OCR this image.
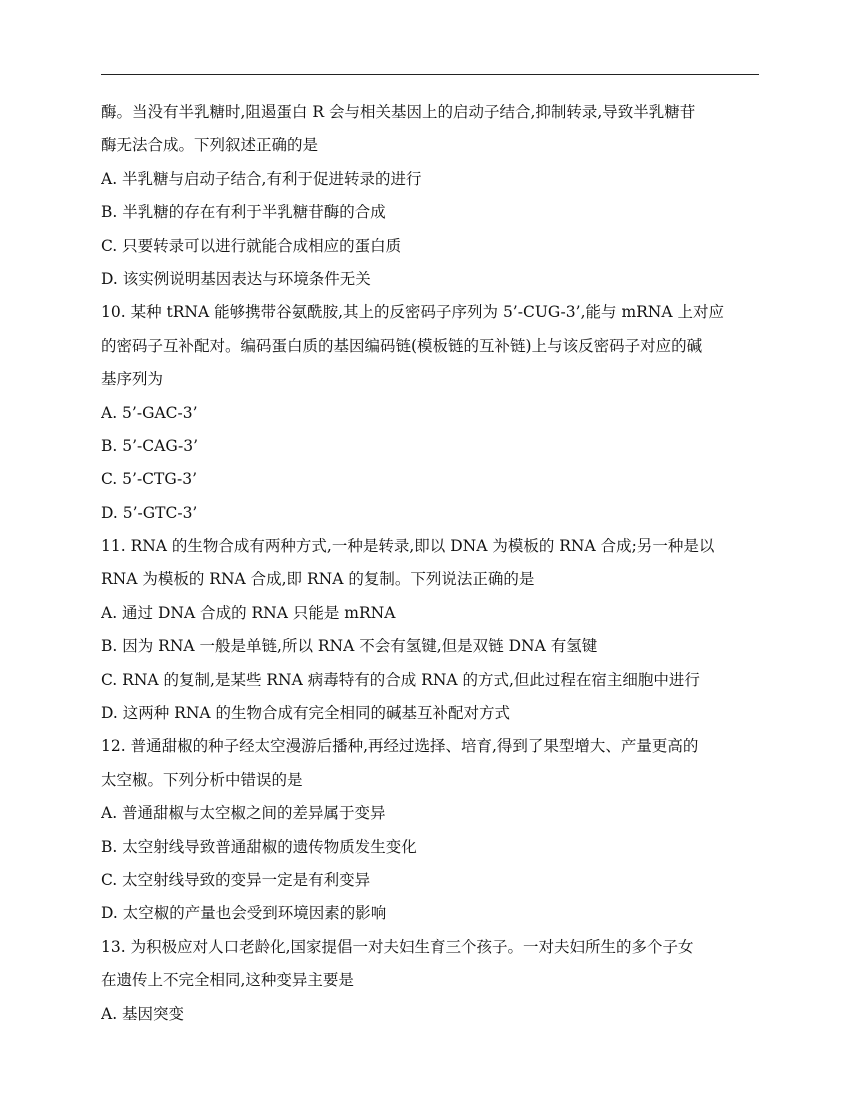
酶。当没有半乳糖时,阻遏蛋白 R 会与相关基因上的启动子结合,抑制转录,导致半乳糖苷
酶无法合成。下列叙述正确的是
A. 半乳糖与启动子结合,有利于促进转录的进行
B. 半乳糖的存在有利于半乳糖苷酶的合成
C. 只要转录可以进行就能合成相应的蛋白质
D. 该实例说明基因表达与环境条件无关
10. 某种 tRNA 能够携带谷氨酰胺,其上的反密码子序列为 5’-CUG-3’,能与 mRNA 上对应
的密码子互补配对。编码蛋白质的基因编码链(模板链的互补链)上与该反密码子对应的碱
基序列为
A. 5’-GAC-3’
B. 5’-CAG-3’
C. 5’-CTG-3’
D. 5’-GTC-3’
11. RNA 的生物合成有两种方式,一种是转录,即以 DNA 为模板的 RNA 合成;另一种是以
RNA 为模板的 RNA 合成,即 RNA 的复制。下列说法正确的是
A. 通过 DNA 合成的 RNA 只能是 mRNA
B. 因为 RNA 一般是单链,所以 RNA 不会有氢键,但是双链 DNA 有氢键
C. RNA 的复制,是某些 RNA 病毒特有的合成 RNA 的方式,但此过程在宿主细胞中进行
D. 这两种 RNA 的生物合成有完全相同的碱基互补配对方式
12. 普通甜椒的种子经太空漫游后播种,再经过选择、培育,得到了果型增大、产量更高的
太空椒。下列分析中错误的是
A. 普通甜椒与太空椒之间的差异属于变异
B. 太空射线导致普通甜椒的遗传物质发生变化
C. 太空射线导致的变异一定是有利变异
D. 太空椒的产量也会受到环境因素的影响
13. 为积极应对人口老龄化,国家提倡一对夫妇生育三个孩子。一对夫妇所生的多个子女
在遗传上不完全相同,这种变异主要是
A. 基因突变
